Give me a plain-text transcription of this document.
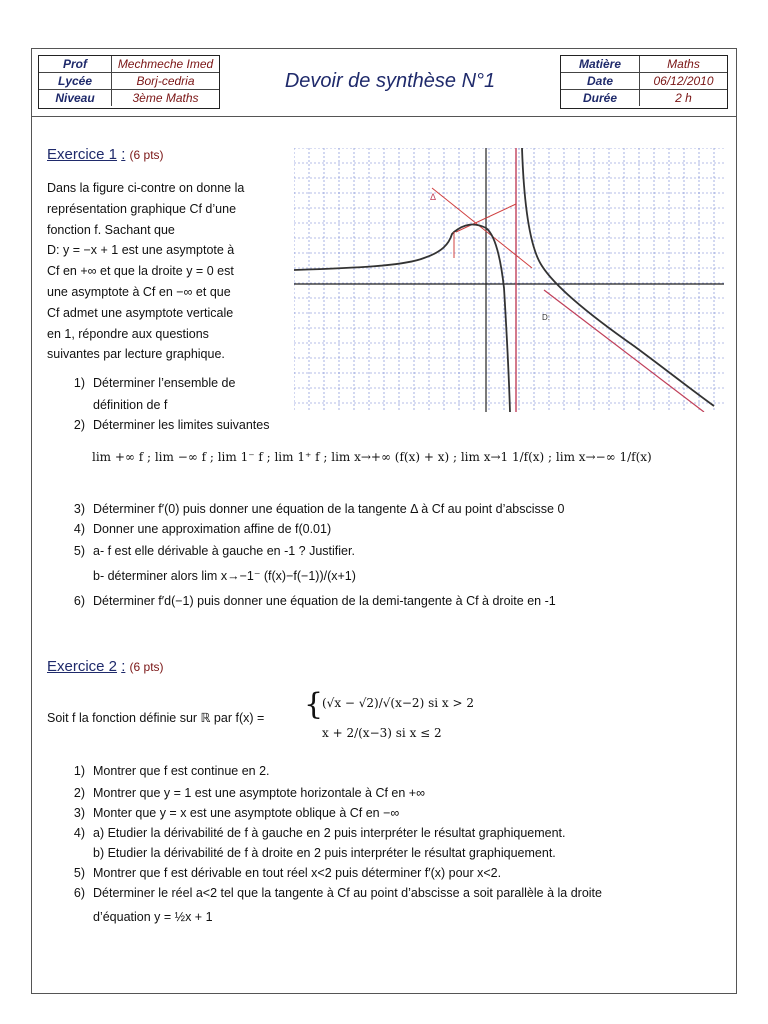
Prof	Mechmeche Imed
Lycée	Borj-cedria
Niveau	3ème Maths
Devoir de synthèse N°1
Matière	Maths
Date	06/12/2010
Durée	2 h
Exercice 1 : (6 pts)
Dans la figure ci-contre on donne la
représentation graphique Cf d’une
fonction f. Sachant que
D: y = −x + 1 est une asymptote à
Cf en +∞ et que la droite y = 0 est
une asymptote à Cf en −∞ et que
Cf admet une asymptote verticale
en 1, répondre aux questions
suivantes par lecture graphique.
Δ
D:
1) Déterminer l’ensemble de
définition de f
2) Déterminer les limites suivantes
lim +∞ f ; lim −∞ f ; lim 1⁻ f ; lim 1⁺ f ; lim x→+∞ (f(x) + x) ; lim x→1 1/f(x) ; lim x→−∞ 1/f(x)
3) Déterminer f′(0) puis donner une équation de la tangente Δ à Cf au point d’abscisse 0
4) Donner une approximation affine de f(0.01)
5) a- f est elle dérivable à gauche en -1 ? Justifier.
b- déterminer alors lim x→−1⁻ (f(x)−f(−1))/(x+1)
6) Déterminer f′d(−1) puis donner une équation de la demi-tangente à Cf à droite en -1
Exercice 2 : (6 pts)
Soit f la fonction définie sur ℝ par f(x) = {
(√x − √2)/√(x−2) si x > 2
x + 2/(x−3) si x ≤ 2
1) Montrer que f est continue en 2.
2) Montrer que y = 1 est une asymptote horizontale à Cf en +∞
3) Monter que y = x est une asymptote oblique à Cf en −∞
4) a) Etudier la dérivabilité de f à gauche en 2 puis interpréter le résultat graphiquement.
b) Etudier la dérivabilité de f à droite en 2 puis interpréter le résultat graphiquement.
5) Montrer que f est dérivable en tout réel x<2 puis déterminer f′(x) pour x<2.
6) Déterminer le réel a<2 tel que la tangente à Cf au point d’abscisse a soit parallèle à la droite
d’équation y = ½x + 1
